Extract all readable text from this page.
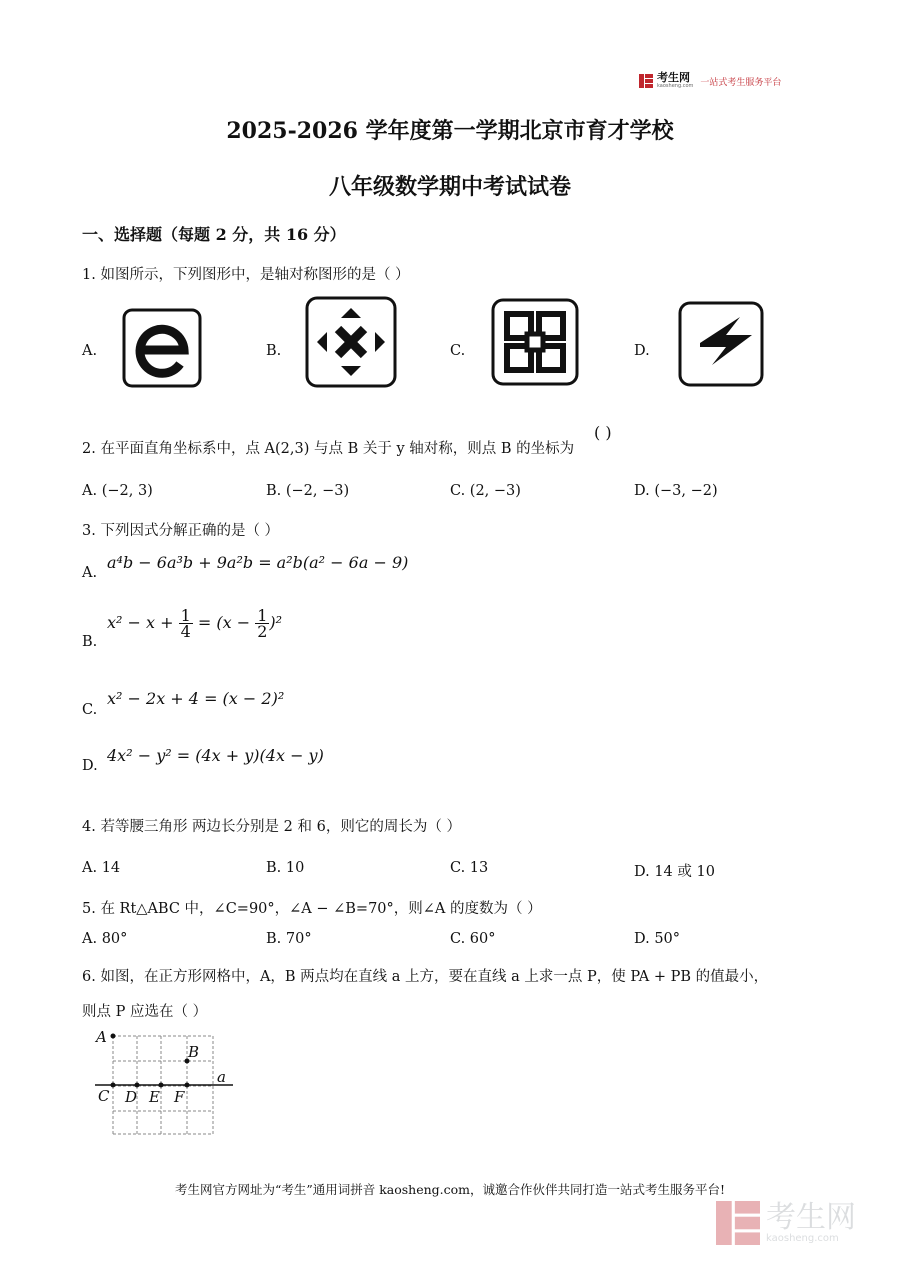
考生网
kaosheng.com 一站式考生服务平台
2025-2026 学年度第一学期北京市育才学校
八年级数学期中考试试卷
一、选择题（每题 2 分，共 16 分）
1. 如图所示，下列图形中，是轴对称图形的是（ ）
A.	B.	C.	D.
2. 在平面直角坐标系中，点 A(2,3) 与点 B 关于 y 轴对称，则点 B 的坐标为
( )
A. (−2, 3)	B. (−2, −3)	C. (2, −3)	D. (−3, −2)
3. 下列因式分解正确的是（ ）
A.
a⁴b − 6a³b + 9a²b = a²b(a² − 6a − 9)
B.
$x^2 - x + \frac{1}{4} = (x - \frac{1}{2} )^2$
C.
x² − 2x + 4 = (x − 2)²
D.
4x² − y² = (4x + y)(4x − y)
4. 若等腰三角形 两边长分别是 2 和 6，则它的周长为（ ）
A. 14	B. 10	C. 13	D. 14 或 10
5. 在 Rt△ABC 中，∠C=90°，∠A − ∠B=70°，则∠A 的度数为（ ）
A. 80°	B. 70°	C. 60°	D. 50°
6. 如图，在正方形网格中，A，B 两点均在直线 a 上方，要在直线 a 上求一点 P，使 PA + PB 的值最小，
则点 P 应选在（ ）
A
B
C D E F
a
考生网官方网址为“考生”通用词拼音 kaosheng.com，诚邀合作伙伴共同打造一站式考生服务平台!
考生网
kaosheng.com
